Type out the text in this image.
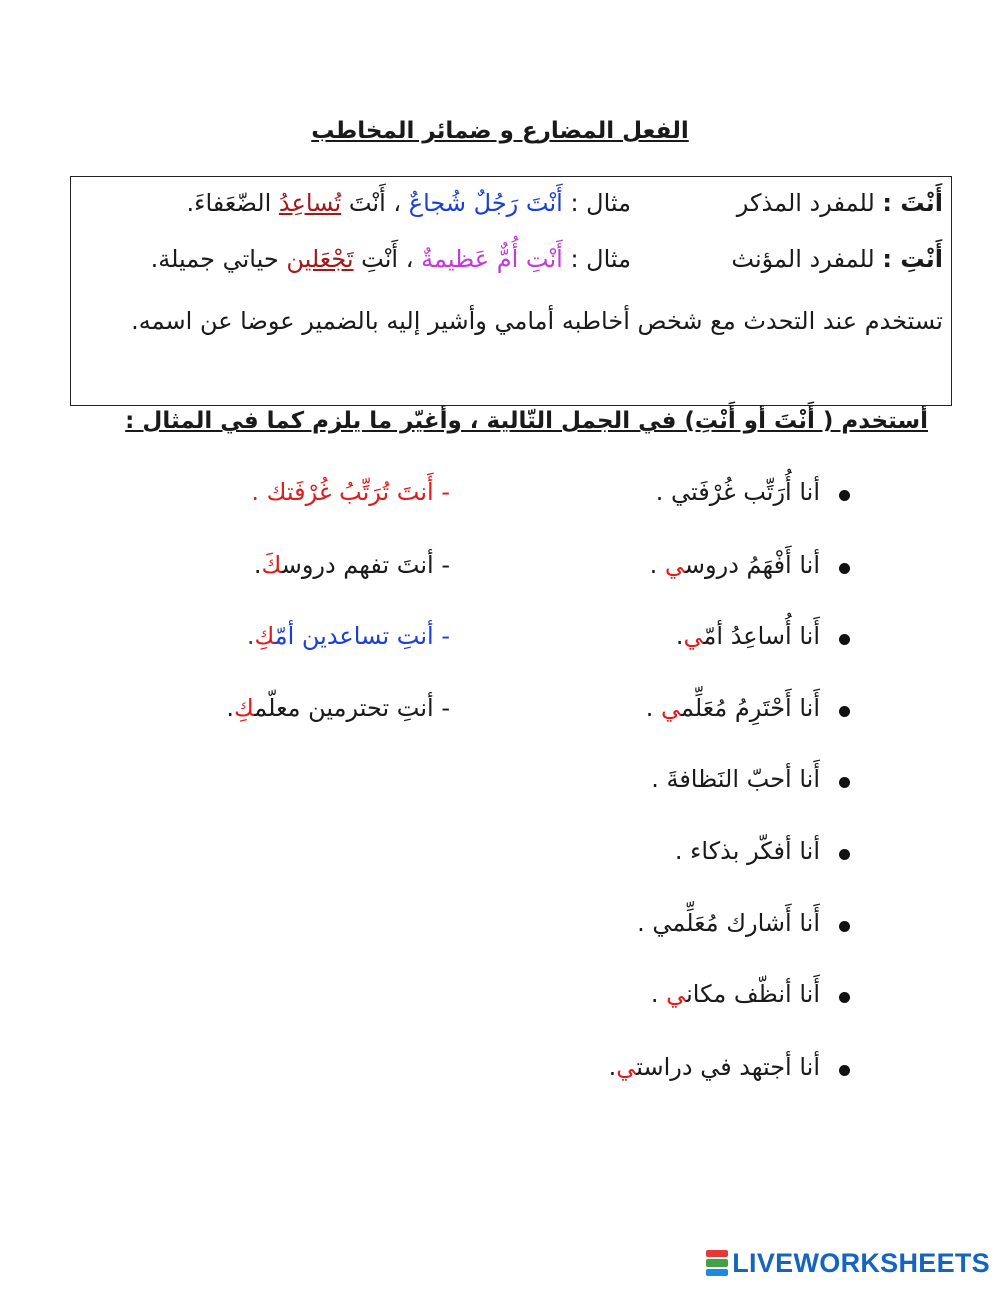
الفعل المضارع و ضمائر المخاطب
أَنْتَ : للمفرد المذكر
مثال : أَنْتَ رَجُلٌ شُجاعٌ ، أَنْتَ تُساعِدُ الضّعَفاءَ.
أَنْتِ : للمفرد المؤنث
مثال : أَنْتِ أُمٌّ عَظيمةٌ ، أَنْتِ تَجْعَلين حياتي جميلة.
تستخدم عند التحدث مع شخص أخاطبه أمامي وأشير إليه بالضمير عوضا عن اسمه.
أستخدم ( أَنْتَ أو أَنْتِ) في الجمل التّالية ، وأغيّر ما يلزم كما في المثال :
أنا أُرَتِّب غُرْفَتي .
- أَنتَ تُرَتِّبُ غُرْفَتك .
أنا أَفْهَمُ دروسي .
- أنتَ تفهم دروسكَ.
أَنا أُساعِدُ أمّي.
- أنتِ تساعدين أمّكِ.
أَنا أَحْتَرِمُ مُعَلِّمي .
- أنتِ تحترمين معلّمكِ.
أَنا أحبّ النَظافةَ .
أنا أفكّر بذكاء .
أَنا أَشارك مُعَلِّمي .
أَنا أنظّف مكاني .
أنا أجتهد في دراستي.
LIVEWORKSHEETS
